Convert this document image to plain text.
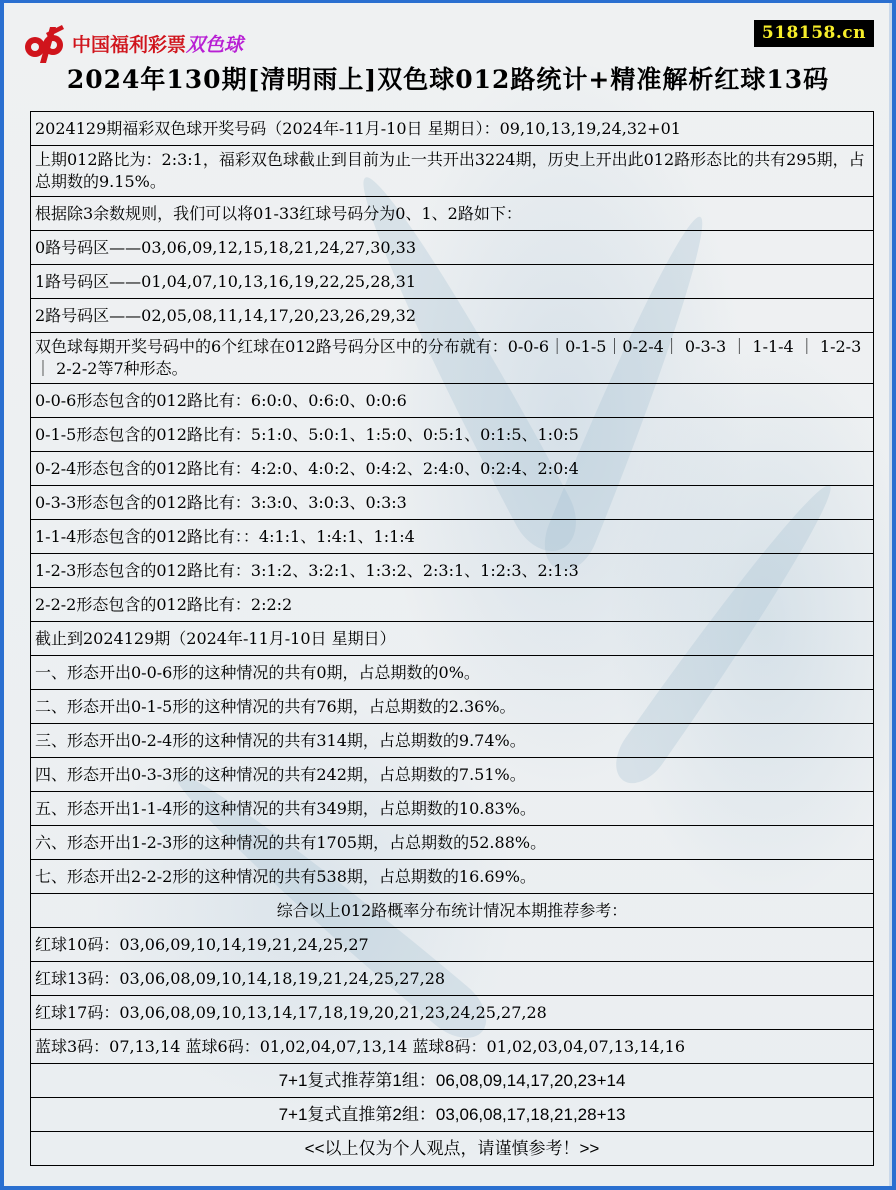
中国福利彩票双色球
518158.cn
2024年130期[清明雨上]双色球012路统计+精准解析红球13码
2024129期福彩双色球开奖号码（2024年-11月-10日 星期日）：09,10,13,19,24,32+01
上期012路比为：2:3:1，福彩双色球截止到目前为止一共开出3224期，历史上开出此012路形态比的共有295期，占总期数的9.15%。
根据除3余数规则，我们可以将01-33红球号码分为0、1、2路如下：
0路号码区——03,06,09,12,15,18,21,24,27,30,33
1路号码区——01,04,07,10,13,16,19,22,25,28,31
2路号码区——02,05,08,11,14,17,20,23,26,29,32
双色球每期开奖号码中的6个红球在012路号码分区中的分布就有：0-0-6｜0-1-5｜0-2-4｜ 0-3-3 ｜ 1-1-4 ｜ 1-2-3 ｜ 2-2-2等7种形态。
0-0-6形态包含的012路比有：6:0:0、0:6:0、0:0:6
0-1-5形态包含的012路比有：5:1:0、5:0:1、1:5:0、0:5:1、0:1:5、1:0:5
0-2-4形态包含的012路比有：4:2:0、4:0:2、0:4:2、2:4:0、0:2:4、2:0:4
0-3-3形态包含的012路比有：3:3:0、3:0:3、0:3:3
1-1-4形态包含的012路比有：：4:1:1、1:4:1、1:1:4
1-2-3形态包含的012路比有：3:1:2、3:2:1、1:3:2、2:3:1、1:2:3、2:1:3
2-2-2形态包含的012路比有：2:2:2
截止到2024129期（2024年-11月-10日 星期日）
一、形态开出0-0-6形的这种情况的共有0期，占总期数的0%。
二、形态开出0-1-5形的这种情况的共有76期，占总期数的2.36%。
三、形态开出0-2-4形的这种情况的共有314期，占总期数的9.74%。
四、形态开出0-3-3形的这种情况的共有242期，占总期数的7.51%。
五、形态开出1-1-4形的这种情况的共有349期，占总期数的10.83%。
六、形态开出1-2-3形的这种情况的共有1705期，占总期数的52.88%。
七、形态开出2-2-2形的这种情况的共有538期，占总期数的16.69%。
综合以上012路概率分布统计情况本期推荐参考：
红球10码：03,06,09,10,14,19,21,24,25,27
红球13码：03,06,08,09,10,14,18,19,21,24,25,27,28
红球17码：03,06,08,09,10,13,14,17,18,19,20,21,23,24,25,27,28
蓝球3码：07,13,14 蓝球6码：01,02,04,07,13,14 蓝球8码：01,02,03,04,07,13,14,16
7+1复式推荐第1组：06,08,09,14,17,20,23+14
7+1复式直推第2组：03,06,08,17,18,21,28+13
<<以上仅为个人观点，请谨慎参考！>>
